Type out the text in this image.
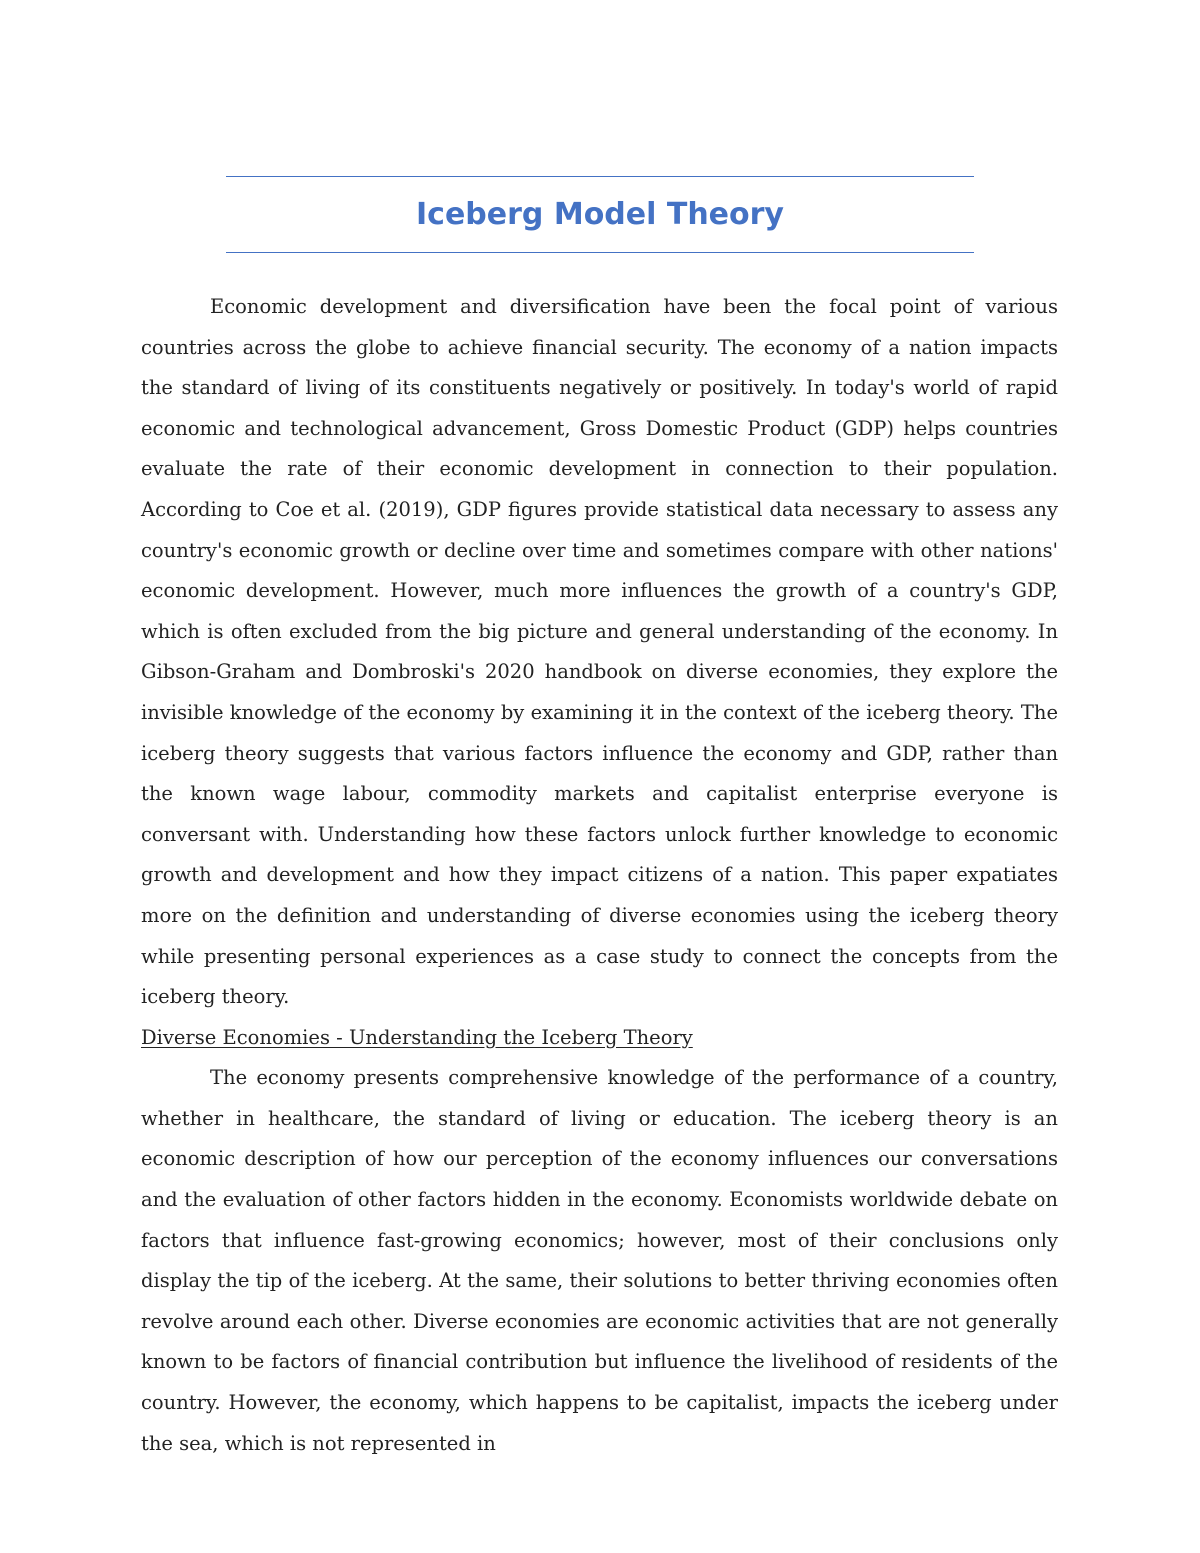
Iceberg Model Theory

Economic development and diversification have been the focal point of various countries across the globe to achieve financial security. The economy of a nation impacts the standard of living of its constituents negatively or positively. In today's world of rapid economic and technological advancement, Gross Domestic Product (GDP) helps countries evaluate the rate of their economic development in connection to their population. According to Coe et al. (2019), GDP figures provide statistical data necessary to assess any country's economic growth or decline over time and sometimes compare with other nations' economic development. However, much more influences the growth of a country's GDP, which is often excluded from the big picture and general understanding of the economy. In Gibson-Graham and Dombroski's 2020 handbook on diverse economies, they explore the invisible knowledge of the economy by examining it in the context of the iceberg theory. The iceberg theory suggests that various factors influence the economy and GDP, rather than the known wage labour, commodity markets and capitalist enterprise everyone is conversant with. Understanding how these factors unlock further knowledge to economic growth and development and how they impact citizens of a nation. This paper expatiates more on the definition and understanding of diverse economies using the iceberg theory while presenting personal experiences as a case study to connect the concepts from the iceberg theory.

Diverse Economies - Understanding the Iceberg Theory

The economy presents comprehensive knowledge of the performance of a country, whether in healthcare, the standard of living or education. The iceberg theory is an economic description of how our perception of the economy influences our conversations and the evaluation of other factors hidden in the economy. Economists worldwide debate on factors that influence fast-growing economics; however, most of their conclusions only display the tip of the iceberg. At the same, their solutions to better thriving economies often revolve around each other. Diverse economies are economic activities that are not generally known to be factors of financial contribution but influence the livelihood of residents of the country. However, the economy, which happens to be capitalist, impacts the iceberg under the sea, which is not represented in
